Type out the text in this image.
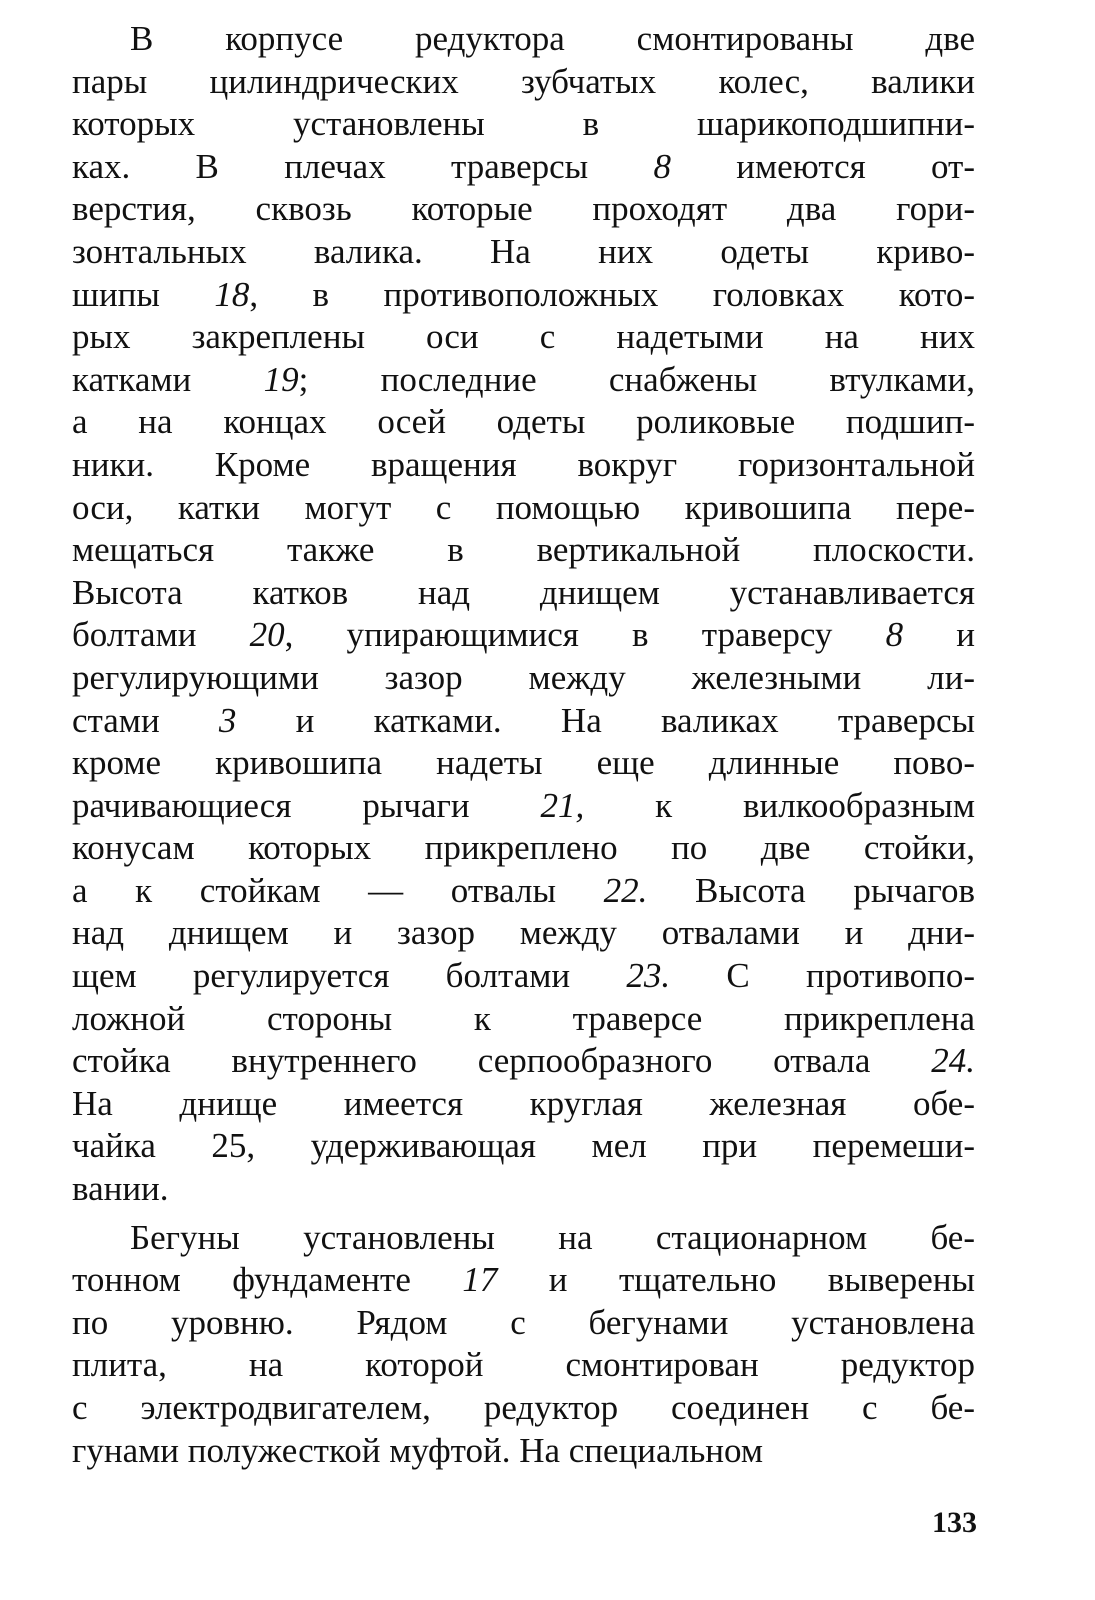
В корпусе редуктора смонтированы две
пары цилиндрических зубчатых колес, валики
которых установлены в шарикоподшипни-
ках. В плечах траверсы 8 имеются от-
верстия, сквозь которые проходят два гори-
зонтальных валика. На них одеты криво-
шипы 18, в противоположных головках кото-
рых закреплены оси с надетыми на них
катками 19; последние снабжены втулками,
а на концах осей одеты роликовые подшип-
ники. Кроме вращения вокруг горизонтальной
оси, катки могут с помощью кривошипа пере-
мещаться также в вертикальной плоскости.
Высота катков над днищем устанавливается
болтами 20, упирающимися в траверсу 8 и
регулирующими зазор между железными ли-
стами 3 и катками. На валиках траверсы
кроме кривошипа надеты еще длинные пово-
рачивающиеся рычаги 21, к вилкообразным
конусам которых прикреплено по две стойки,
а к стойкам — отвалы 22. Высота рычагов
над днищем и зазор между отвалами и дни-
щем регулируется болтами 23. С противопо-
ложной стороны к траверсе прикреплена
стойка внутреннего серпообразного отвала 24.
На днище имеется круглая железная обе-
чайка 25, удерживающая мел при перемеши-
вании.
Бегуны установлены на стационарном бе-
тонном фундаменте 17 и тщательно выверены
по уровню. Рядом с бегунами установлена
плита, на которой смонтирован редуктор
с электродвигателем, редуктор соединен с бе-
гунами полужесткой муфтой. На специальном
133
